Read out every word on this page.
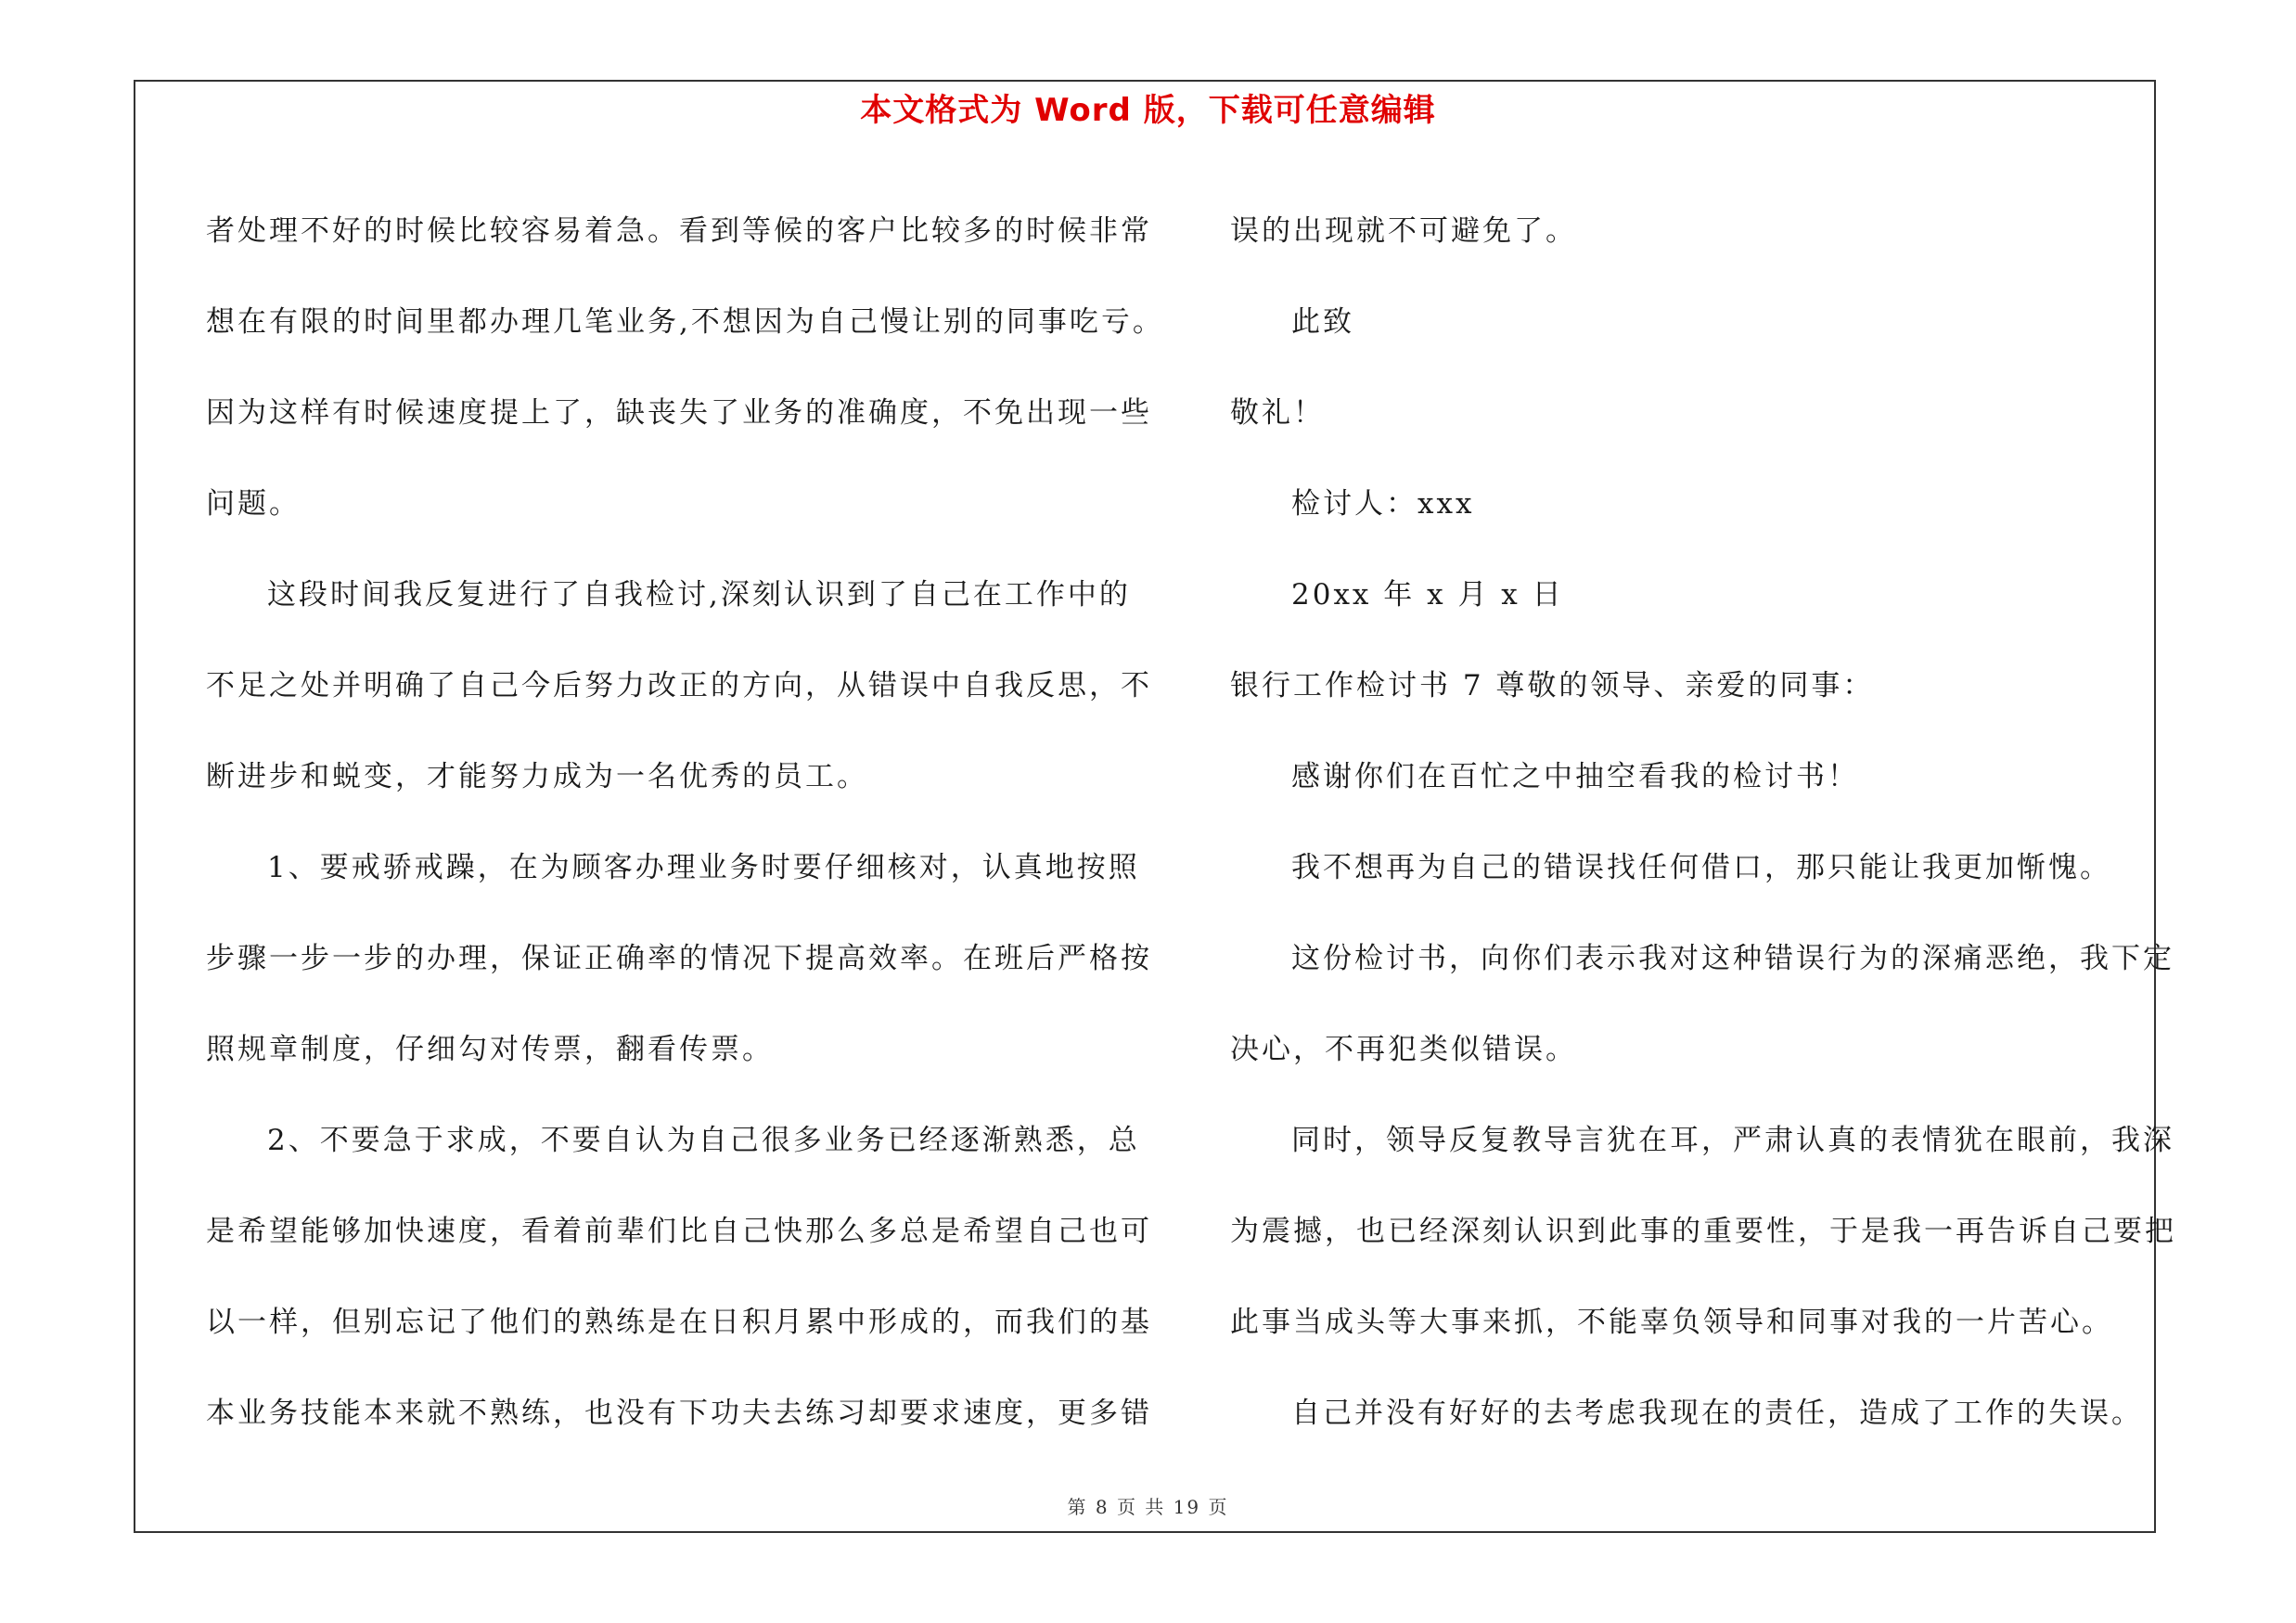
本文格式为 Word 版，下载可任意编辑
者处理不好的时候比较容易着急。看到等候的客户比较多的时候非常
想在有限的时间里都办理几笔业务,不想因为自己慢让别的同事吃亏。
因为这样有时候速度提上了，缺丧失了业务的准确度，不免出现一些
问题。
这段时间我反复进行了自我检讨,深刻认识到了自己在工作中的
不足之处并明确了自己今后努力改正的方向，从错误中自我反思，不
断进步和蜕变，才能努力成为一名优秀的员工。
1、要戒骄戒躁，在为顾客办理业务时要仔细核对，认真地按照
步骤一步一步的办理，保证正确率的情况下提高效率。在班后严格按
照规章制度，仔细勾对传票，翻看传票。
2、不要急于求成，不要自认为自己很多业务已经逐渐熟悉，总
是希望能够加快速度，看着前辈们比自己快那么多总是希望自己也可
以一样，但别忘记了他们的熟练是在日积月累中形成的，而我们的基
本业务技能本来就不熟练，也没有下功夫去练习却要求速度，更多错
误的出现就不可避免了。
此致
敬礼！
检讨人：xxx
20xx 年 x 月 x 日
银行工作检讨书 7 尊敬的领导、亲爱的同事：
感谢你们在百忙之中抽空看我的检讨书！
我不想再为自己的错误找任何借口，那只能让我更加惭愧。
这份检讨书，向你们表示我对这种错误行为的深痛恶绝，我下定
决心，不再犯类似错误。
同时，领导反复教导言犹在耳，严肃认真的表情犹在眼前，我深
为震撼，也已经深刻认识到此事的重要性，于是我一再告诉自己要把
此事当成头等大事来抓，不能辜负领导和同事对我的一片苦心。
自己并没有好好的去考虑我现在的责任，造成了工作的失误。
第 8 页 共 19 页
